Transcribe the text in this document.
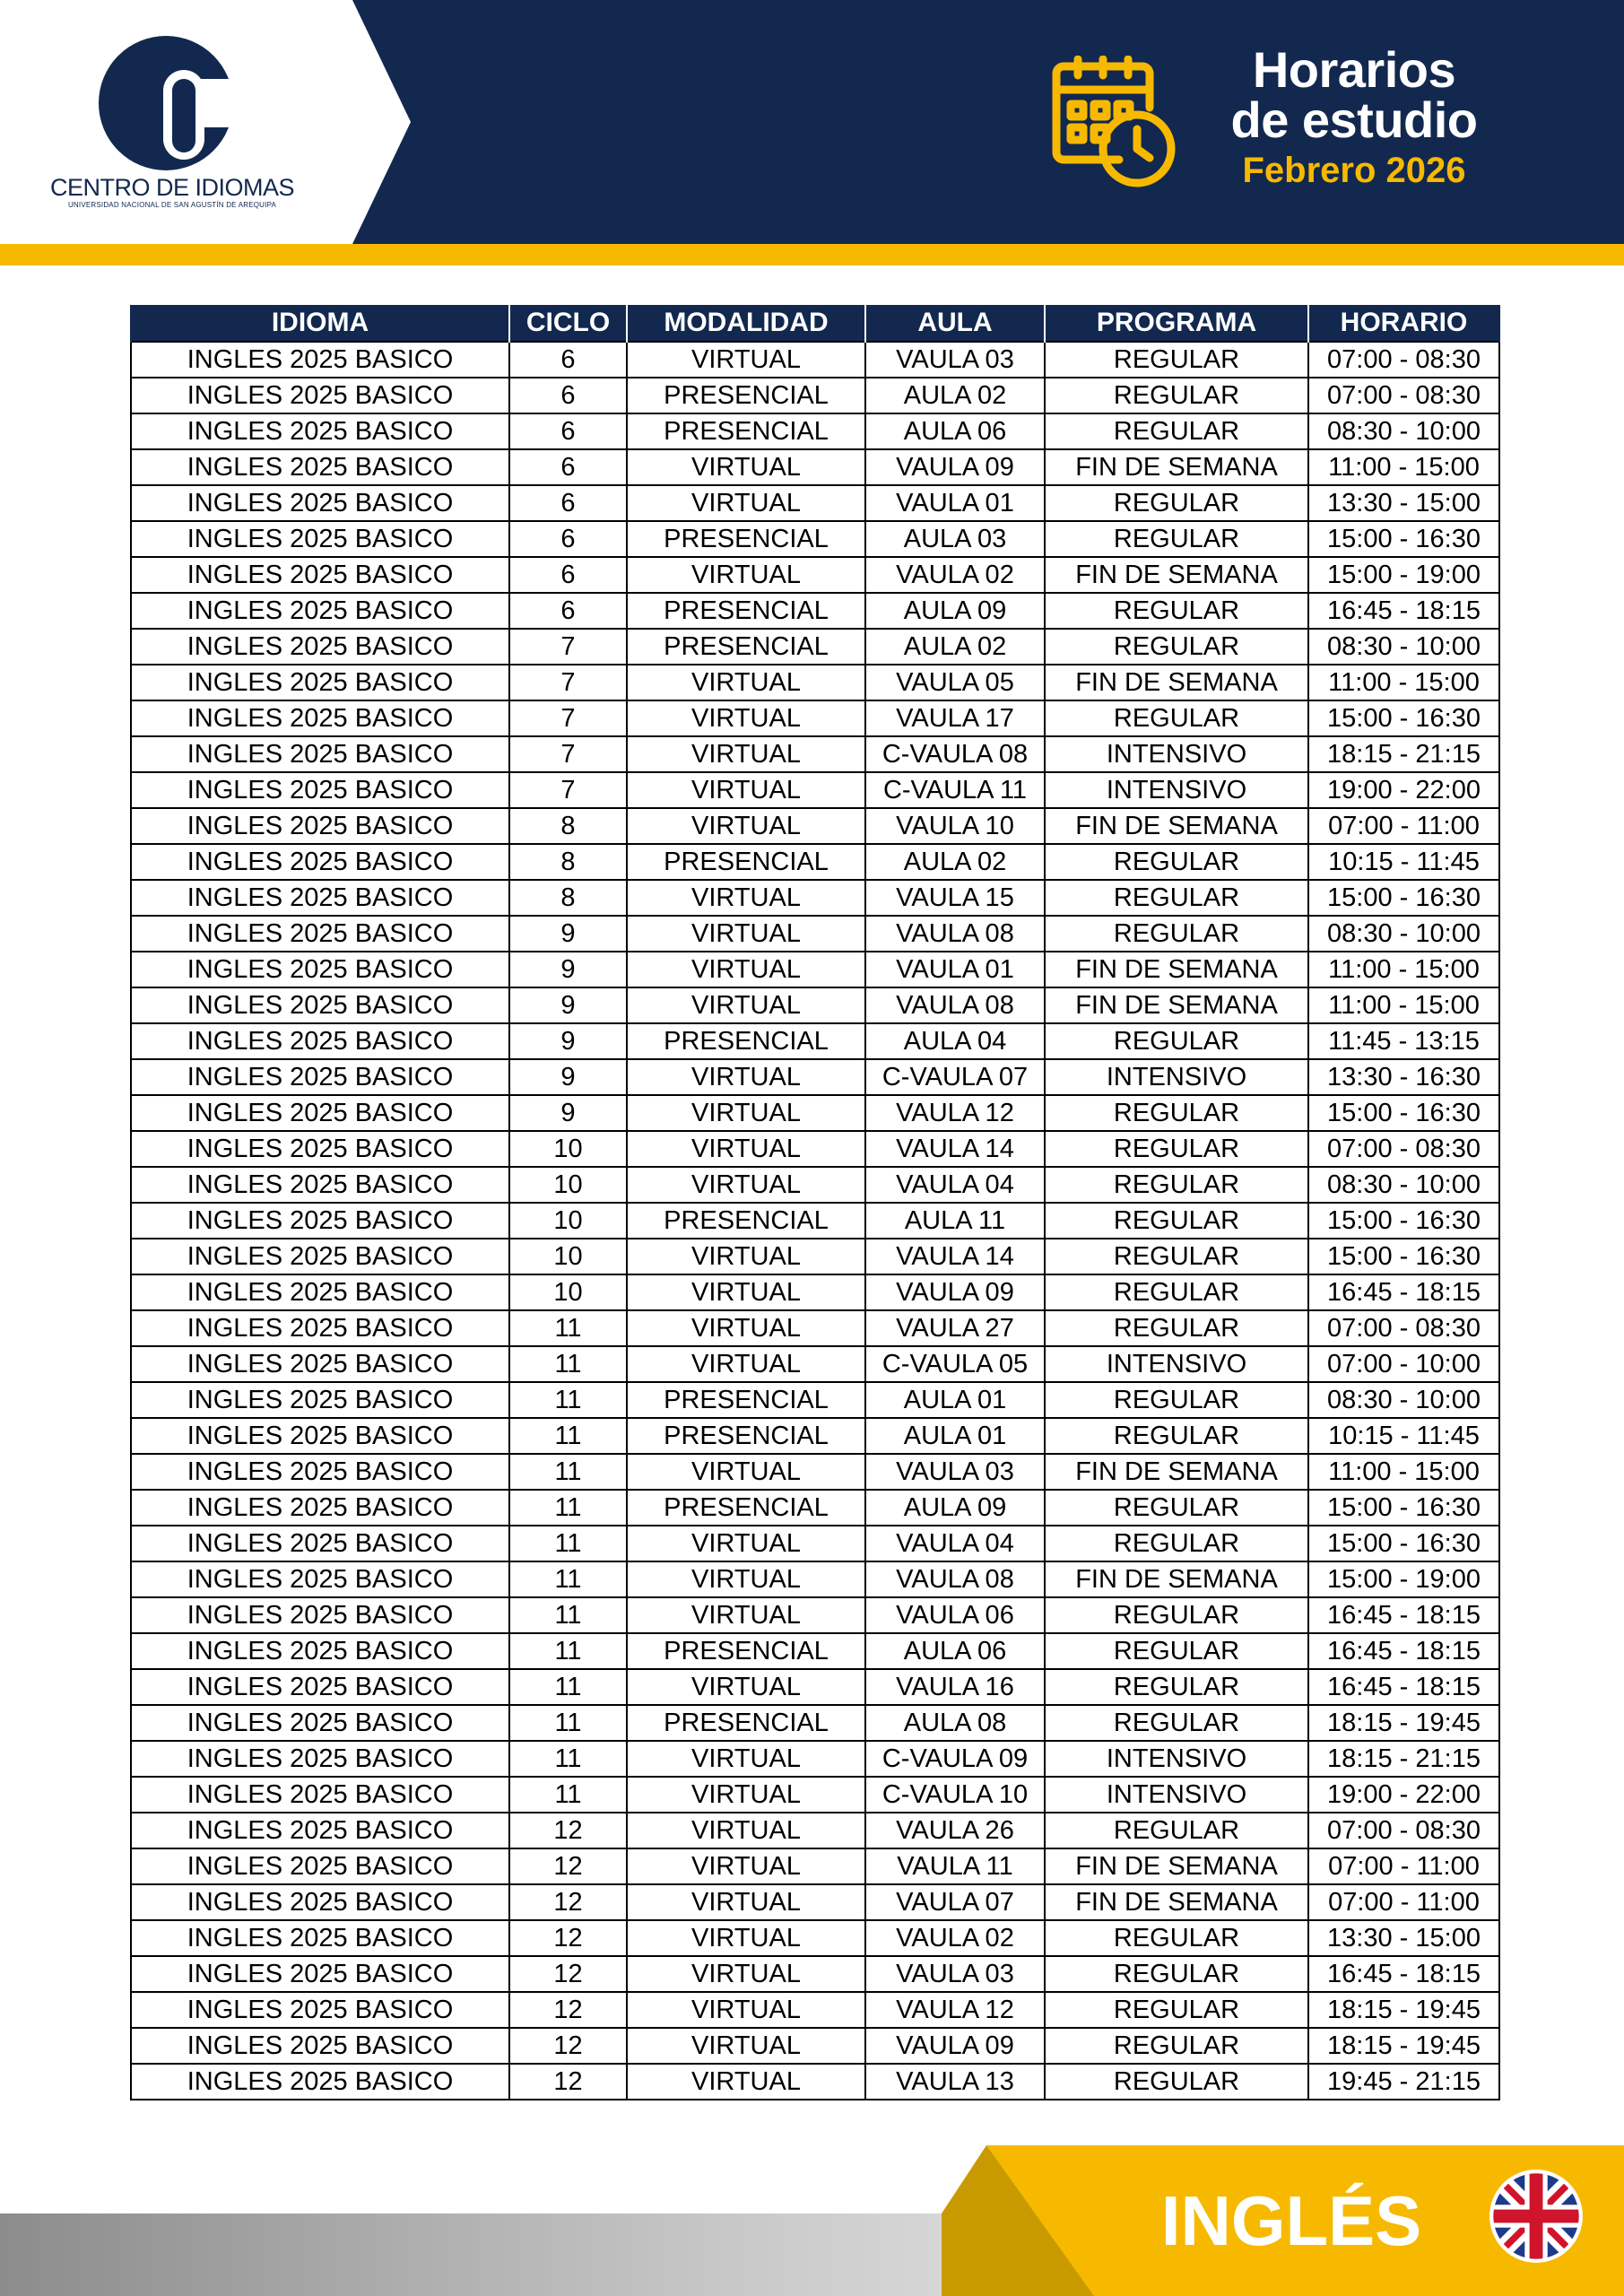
CENTRO DE IDIOMAS
UNIVERSIDAD NACIONAL DE SAN AGUSTÍN DE AREQUIPA
Horarios
de estudio
Febrero 2026
IDIOMA	CICLO	MODALIDAD	AULA	PROGRAMA	HORARIO
INGLES 2025 BASICO	6	VIRTUAL	VAULA 03	REGULAR	07:00 - 08:30
INGLES 2025 BASICO	6	PRESENCIAL	AULA 02	REGULAR	07:00 - 08:30
INGLES 2025 BASICO	6	PRESENCIAL	AULA 06	REGULAR	08:30 - 10:00
INGLES 2025 BASICO	6	VIRTUAL	VAULA 09	FIN DE SEMANA	11:00 - 15:00
INGLES 2025 BASICO	6	VIRTUAL	VAULA 01	REGULAR	13:30 - 15:00
INGLES 2025 BASICO	6	PRESENCIAL	AULA 03	REGULAR	15:00 - 16:30
INGLES 2025 BASICO	6	VIRTUAL	VAULA 02	FIN DE SEMANA	15:00 - 19:00
INGLES 2025 BASICO	6	PRESENCIAL	AULA 09	REGULAR	16:45 - 18:15
INGLES 2025 BASICO	7	PRESENCIAL	AULA 02	REGULAR	08:30 - 10:00
INGLES 2025 BASICO	7	VIRTUAL	VAULA 05	FIN DE SEMANA	11:00 - 15:00
INGLES 2025 BASICO	7	VIRTUAL	VAULA 17	REGULAR	15:00 - 16:30
INGLES 2025 BASICO	7	VIRTUAL	C-VAULA 08	INTENSIVO	18:15 - 21:15
INGLES 2025 BASICO	7	VIRTUAL	C-VAULA 11	INTENSIVO	19:00 - 22:00
INGLES 2025 BASICO	8	VIRTUAL	VAULA 10	FIN DE SEMANA	07:00 - 11:00
INGLES 2025 BASICO	8	PRESENCIAL	AULA 02	REGULAR	10:15 - 11:45
INGLES 2025 BASICO	8	VIRTUAL	VAULA 15	REGULAR	15:00 - 16:30
INGLES 2025 BASICO	9	VIRTUAL	VAULA 08	REGULAR	08:30 - 10:00
INGLES 2025 BASICO	9	VIRTUAL	VAULA 01	FIN DE SEMANA	11:00 - 15:00
INGLES 2025 BASICO	9	VIRTUAL	VAULA 08	FIN DE SEMANA	11:00 - 15:00
INGLES 2025 BASICO	9	PRESENCIAL	AULA 04	REGULAR	11:45 - 13:15
INGLES 2025 BASICO	9	VIRTUAL	C-VAULA 07	INTENSIVO	13:30 - 16:30
INGLES 2025 BASICO	9	VIRTUAL	VAULA 12	REGULAR	15:00 - 16:30
INGLES 2025 BASICO	10	VIRTUAL	VAULA 14	REGULAR	07:00 - 08:30
INGLES 2025 BASICO	10	VIRTUAL	VAULA 04	REGULAR	08:30 - 10:00
INGLES 2025 BASICO	10	PRESENCIAL	AULA 11	REGULAR	15:00 - 16:30
INGLES 2025 BASICO	10	VIRTUAL	VAULA 14	REGULAR	15:00 - 16:30
INGLES 2025 BASICO	10	VIRTUAL	VAULA 09	REGULAR	16:45 - 18:15
INGLES 2025 BASICO	11	VIRTUAL	VAULA 27	REGULAR	07:00 - 08:30
INGLES 2025 BASICO	11	VIRTUAL	C-VAULA 05	INTENSIVO	07:00 - 10:00
INGLES 2025 BASICO	11	PRESENCIAL	AULA 01	REGULAR	08:30 - 10:00
INGLES 2025 BASICO	11	PRESENCIAL	AULA 01	REGULAR	10:15 - 11:45
INGLES 2025 BASICO	11	VIRTUAL	VAULA 03	FIN DE SEMANA	11:00 - 15:00
INGLES 2025 BASICO	11	PRESENCIAL	AULA 09	REGULAR	15:00 - 16:30
INGLES 2025 BASICO	11	VIRTUAL	VAULA 04	REGULAR	15:00 - 16:30
INGLES 2025 BASICO	11	VIRTUAL	VAULA 08	FIN DE SEMANA	15:00 - 19:00
INGLES 2025 BASICO	11	VIRTUAL	VAULA 06	REGULAR	16:45 - 18:15
INGLES 2025 BASICO	11	PRESENCIAL	AULA 06	REGULAR	16:45 - 18:15
INGLES 2025 BASICO	11	VIRTUAL	VAULA 16	REGULAR	16:45 - 18:15
INGLES 2025 BASICO	11	PRESENCIAL	AULA 08	REGULAR	18:15 - 19:45
INGLES 2025 BASICO	11	VIRTUAL	C-VAULA 09	INTENSIVO	18:15 - 21:15
INGLES 2025 BASICO	11	VIRTUAL	C-VAULA 10	INTENSIVO	19:00 - 22:00
INGLES 2025 BASICO	12	VIRTUAL	VAULA 26	REGULAR	07:00 - 08:30
INGLES 2025 BASICO	12	VIRTUAL	VAULA 11	FIN DE SEMANA	07:00 - 11:00
INGLES 2025 BASICO	12	VIRTUAL	VAULA 07	FIN DE SEMANA	07:00 - 11:00
INGLES 2025 BASICO	12	VIRTUAL	VAULA 02	REGULAR	13:30 - 15:00
INGLES 2025 BASICO	12	VIRTUAL	VAULA 03	REGULAR	16:45 - 18:15
INGLES 2025 BASICO	12	VIRTUAL	VAULA 12	REGULAR	18:15 - 19:45
INGLES 2025 BASICO	12	VIRTUAL	VAULA 09	REGULAR	18:15 - 19:45
INGLES 2025 BASICO	12	VIRTUAL	VAULA 13	REGULAR	19:45 - 21:15
INGLÉS
